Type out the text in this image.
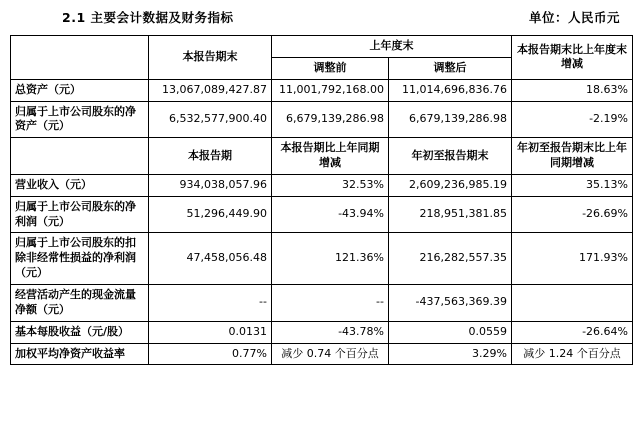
2.1 主要会计数据及财务指标	单位：人民币元
	本报告期末	上年度末		本报告期末比上年度末增减
		调整前	调整后	
总资产（元）	13,067,089,427.87	11,001,792,168.00	11,014,696,836.76	18.63%
归属于上市公司股东的净资产（元）	6,532,577,900.40	6,679,139,286.98	6,679,139,286.98	-2.19%
	本报告期	本报告期比上年同期增减	年初至报告期末	年初至报告期末比上年同期增减
营业收入（元）	934,038,057.96	32.53%	2,609,236,985.19	35.13%
归属于上市公司股东的净利润（元）	51,296,449.90	-43.94%	218,951,381.85	-26.69%
归属于上市公司股东的扣除非经常性损益的净利润（元）	47,458,056.48	121.36%	216,282,557.35	171.93%
经营活动产生的现金流量净额（元）	--	--	-437,563,369.39	
基本每股收益（元/股）	0.0131	-43.78%	0.0559	-26.64%
加权平均净资产收益率	0.77%	减少 0.74 个百分点	3.29%	减少 1.24 个百分点
